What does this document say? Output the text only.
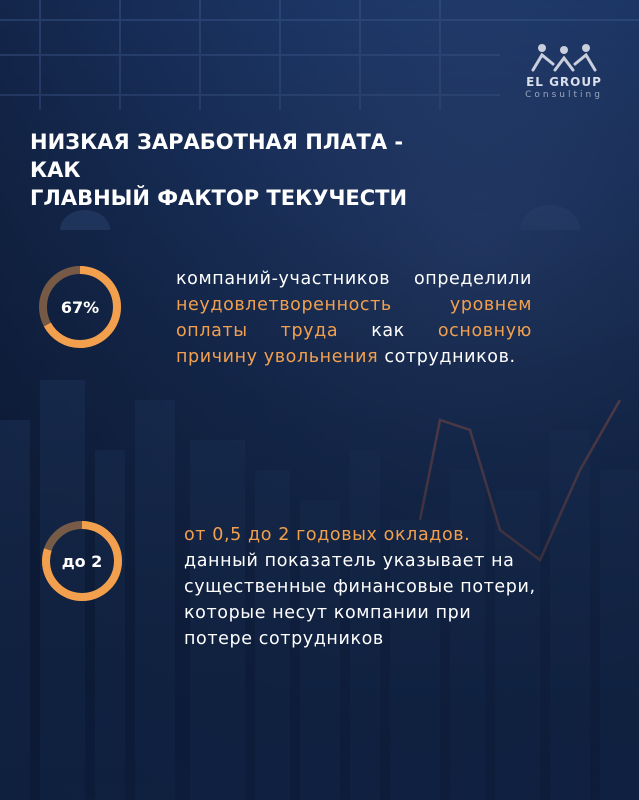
EL GROUP
Consulting
НИЗКАЯ ЗАРАБОТНАЯ ПЛАТА - КАК
ГЛАВНЫЙ ФАКТОР ТЕКУЧЕСТИ
67%
компаний-участников определили неудовлетворенность уровнем оплаты труда как основную причину увольнения сотрудников.
до 2
от 0,5 до 2 годовых окладов.
данный показатель указывает на существенные финансовые потери, которые несут компании при потере сотрудников
